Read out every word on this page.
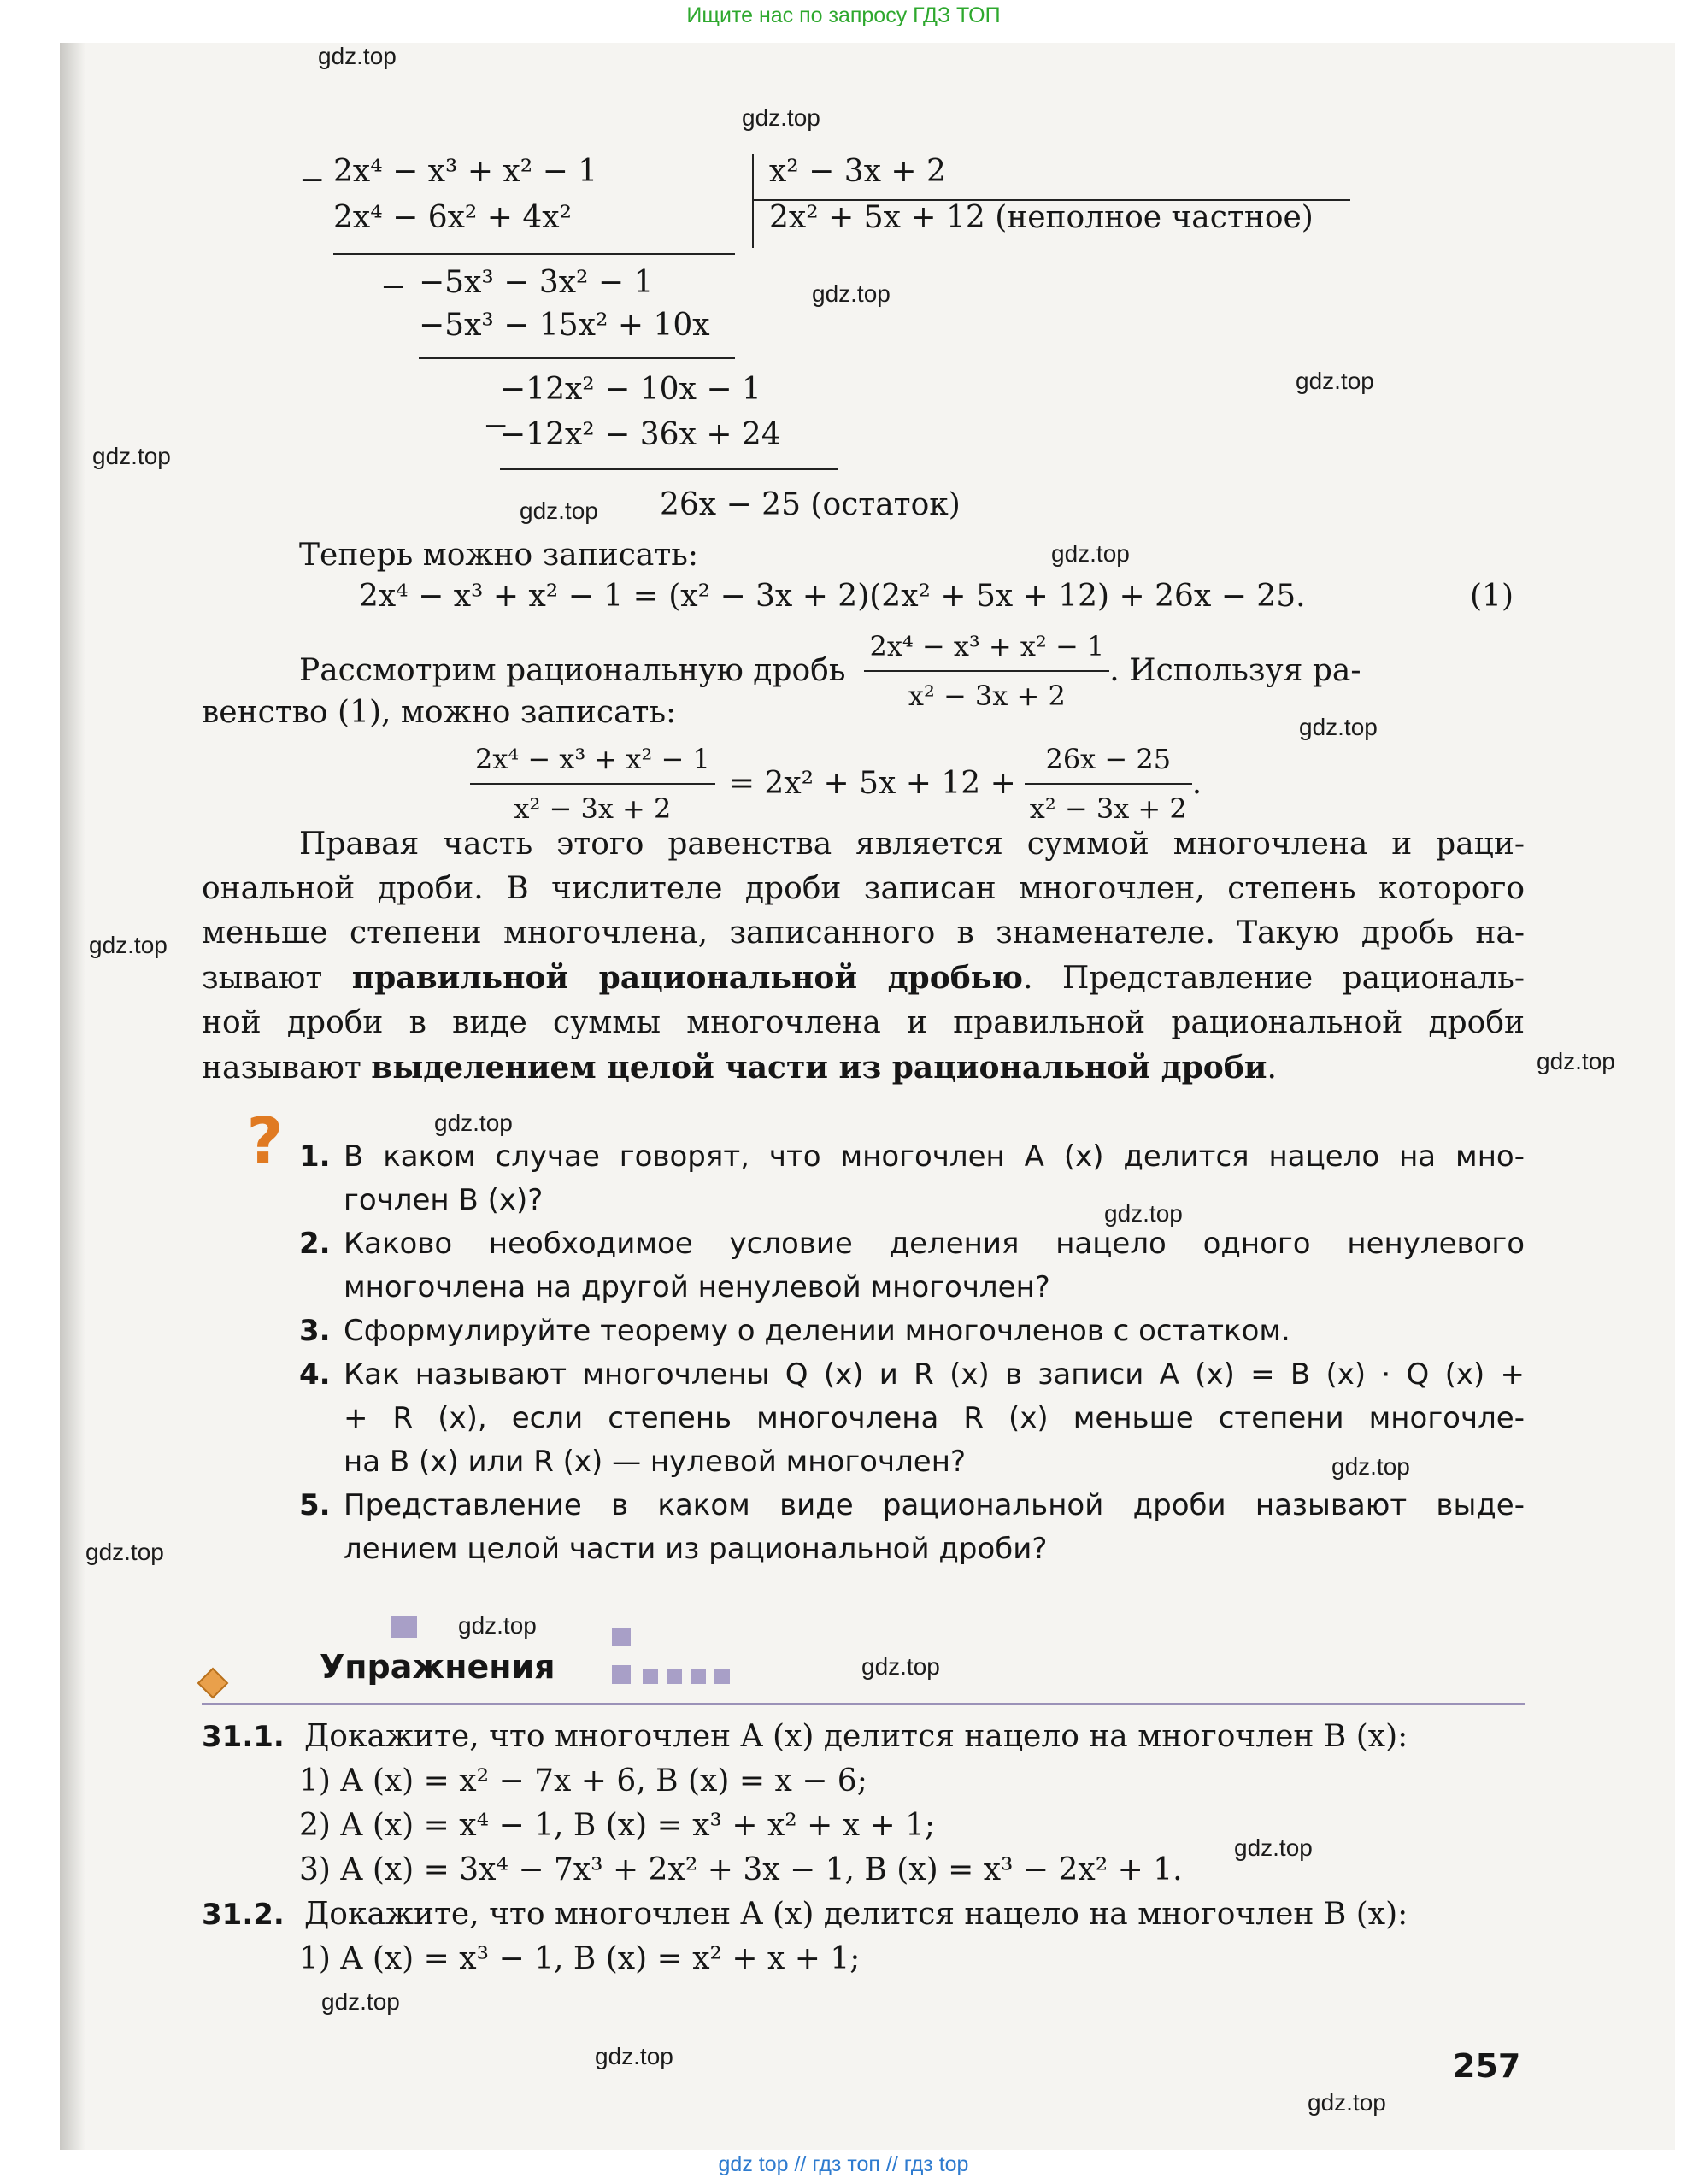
Ищите нас по запросу ГДЗ ТОП
gdz.top
gdz.top
gdz.top
gdz.top
gdz.top
gdz.top
gdz.top
gdz.top
gdz.top
gdz.top
gdz.top
gdz.top
gdz.top
gdz.top
gdz.top
gdz.top
gdz.top
gdz.top
gdz.top
gdz.top
− 2x⁴ − x³ + x² − 1	x² − 3x + 2
2x⁴ − 6x² + 4x²	2x² + 5x + 12 (неполное частное)
− −5x³ − 3x² − 1
−5x³ − 15x² + 10x
−
−12x² − 10x − 1
−12x² − 36x + 24
26x − 25 (остаток)
Теперь можно записать:
2x⁴ − x³ + x² − 1 = (x² − 3x + 2)(2x² + 5x + 12) + 26x − 25.	(1)
Рассмотрим рациональную дробь $\frac{\text{2x⁴ − x³ + x² − 1}}{\text{x² − 3x + 2}}$ . Используя ра-
венство (1), можно записать:
$\frac{\text{2x⁴ − x³ + x² − 1}}{\text{x² − 3x + 2}} = 2x^2 + 5x + 12 + \frac{26x - 25}{\text{x² − 3x + 2}}$ .
Правая часть этого равенства является суммой многочлена и раци-
ональной дроби. В числителе дроби записан многочлен, степень которого
меньше степени многочлена, записанного в знаменателе. Такую дробь на-
зывают правильной рациональной дробью. Представление рациональ-
ной дроби в виде суммы многочлена и правильной рациональной дроби
называют выделением целой части из рациональной дроби.
? 1. В каком случае говорят, что многочлен A (x) делится нацело на мно-
гочлен B (x)?
2. Каково необходимое условие деления нацело одного ненулевого
многочлена на другой ненулевой многочлен?
3. Сформулируйте теорему о делении многочленов с остатком.
4. Как называют многочлены Q (x) и R (x) в записи A (x) = B (x) · Q (x) +
+ R (x), если степень многочлена R (x) меньше степени многочле-
на B (x) или R (x) — нулевой многочлен?
5. Представление в каком виде рациональной дроби называют выде-
лением целой части из рациональной дроби?
Упражнения
31.1. Докажите, что многочлен A (x) делится нацело на многочлен B (x):
1) A (x) = x² − 7x + 6, B (x) = x − 6;
2) A (x) = x⁴ − 1, B (x) = x³ + x² + x + 1;
3) A (x) = 3x⁴ − 7x³ + 2x² + 3x − 1, B (x) = x³ − 2x² + 1.
31.2. Докажите, что многочлен A (x) делится нацело на многочлен B (x):
1) A (x) = x³ − 1, B (x) = x² + x + 1;
257
gdz top // гдз топ // гдз top
